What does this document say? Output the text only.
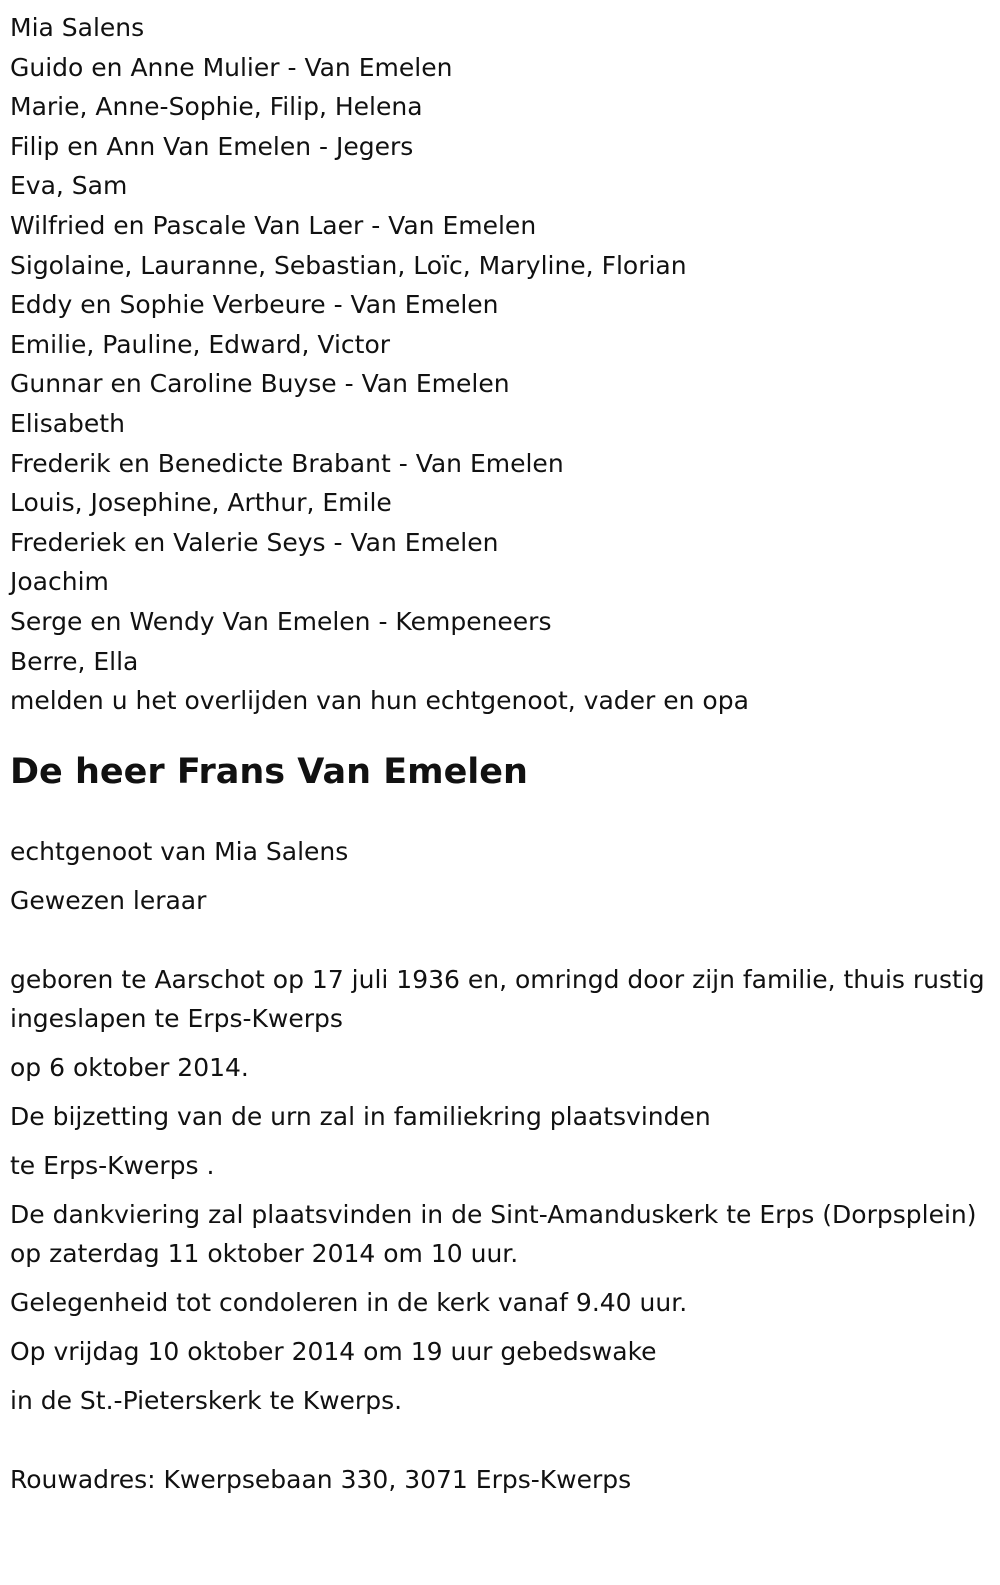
Mia Salens
Guido en Anne Mulier - Van Emelen
Marie, Anne-Sophie, Filip, Helena
Filip en Ann Van Emelen - Jegers
Eva, Sam
Wilfried en Pascale Van Laer - Van Emelen
Sigolaine, Lauranne, Sebastian, Loïc, Maryline, Florian
Eddy en Sophie Verbeure - Van Emelen
Emilie, Pauline, Edward, Victor
Gunnar en Caroline Buyse - Van Emelen
Elisabeth
Frederik en Benedicte Brabant - Van Emelen
Louis, Josephine, Arthur, Emile
Frederiek en Valerie Seys - Van Emelen
Joachim
Serge en Wendy Van Emelen - Kempeneers
Berre, Ella

melden u het overlijden van hun echtgenoot, vader en opa

De heer Frans Van Emelen

echtgenoot van Mia Salens

Gewezen leraar

geboren te Aarschot op 17 juli 1936 en, omringd door zijn familie, thuis rustig ingeslapen te Erps-Kwerps

op 6 oktober 2014.

De bijzetting van de urn zal in familiekring plaatsvinden

te Erps-Kwerps .

De dankviering zal plaatsvinden in de Sint-Amanduskerk te Erps (Dorpsplein) op zaterdag 11 oktober 2014 om 10 uur.

Gelegenheid tot condoleren in de kerk vanaf 9.40 uur.

Op vrijdag 10 oktober 2014 om 19 uur gebedswake

in de St.-Pieterskerk te Kwerps.

Rouwadres: Kwerpsebaan 330, 3071 Erps-Kwerps
